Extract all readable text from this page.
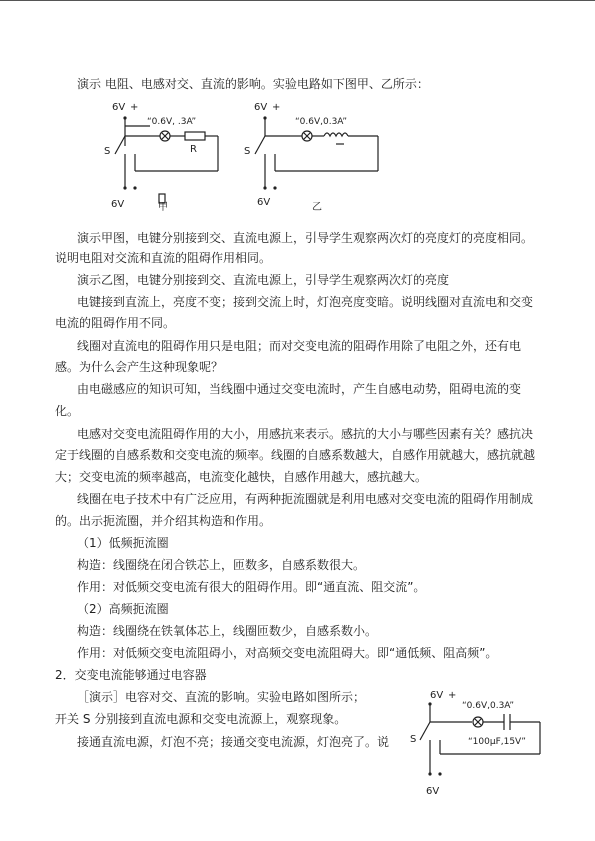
演示 电阻、电感对交、直流的影响。实验电路如下图甲、乙所示：
6V +
“0.6V, .3A”
R
S
6V	甲
6V +
“0.6V,0.3A”
S
6V	乙
演示甲图，电键分别接到交、直流电源上，引导学生观察两次灯的亮度灯的亮度相同。
说明电阻对交流和直流的阻碍作用相同。
演示乙图，电键分别接到交、直流电源上，引导学生观察两次灯的亮度
电键接到直流上，亮度不变；接到交流上时，灯泡亮度变暗。说明线圈对直流电和交变
电流的阻碍作用不同。
线圈对直流电的阻碍作用只是电阻；而对交变电流的阻碍作用除了电阻之外，还有电
感。为什么会产生这种现象呢？
由电磁感应的知识可知，当线圈中通过交变电流时，产生自感电动势，阻碍电流的变
化。
电感对交变电流阻碍作用的大小，用感抗来表示。感抗的大小与哪些因素有关？感抗决
定于线圈的自感系数和交变电流的频率。线圈的自感系数越大，自感作用就越大，感抗就越
大；交变电流的频率越高，电流变化越快，自感作用越大，感抗越大。
线圈在电子技术中有广泛应用，有两种扼流圈就是利用电感对交变电流的阻碍作用制成
的。出示扼流圈，并介绍其构造和作用。
（1）低频扼流圈
构造：线圈绕在闭合铁芯上，匝数多，自感系数很大。
作用：对低频交变电流有很大的阻碍作用。即“通直流、阻交流”。
（2）高频扼流圈
构造：线圈绕在铁氧体芯上，线圈匝数少，自感系数小。
作用：对低频交变电流阻碍小，对高频交变电流阻碍大。即“通低频、阻高频”。
2．交变电流能够通过电容器
［演示］电容对交、直流的影响。实验电路如图所示；
开关 S 分别接到直流电源和交变电流源上，观察现象。
接通直流电源，灯泡不亮；接通交变电流源，灯泡亮了。说
6V +
“0.6V,0.3A”
“100μF,15V”
S
6V
